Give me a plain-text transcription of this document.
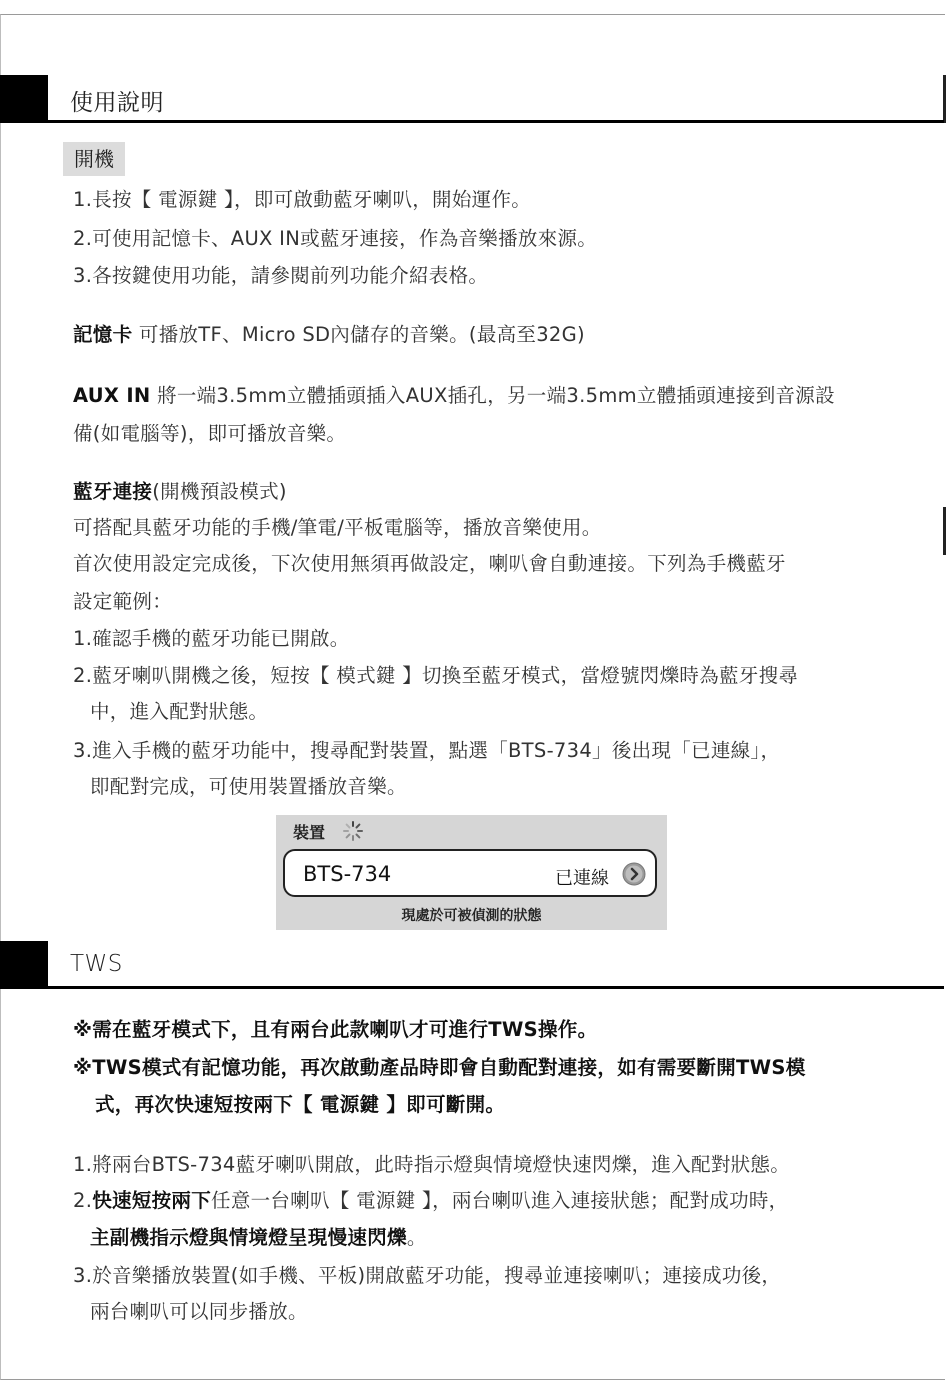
使用說明
開機
1.長按【 電源鍵 】，即可啟動藍牙喇叭，開始運作。
2.可使用記憶卡、AUX IN或藍牙連接，作為音樂播放來源。
3.各按鍵使用功能，請參閱前列功能介紹表格。
記憶卡 可播放TF、Micro SD內儲存的音樂。(最高至32G)
AUX IN 將一端3.5mm立體插頭插入AUX插孔，另一端3.5mm立體插頭連接到音源設
備(如電腦等)，即可播放音樂。
藍牙連接(開機預設模式)
可搭配具藍牙功能的手機/筆電/平板電腦等，播放音樂使用。
首次使用設定完成後，下次使用無須再做設定，喇叭會自動連接。下列為手機藍牙
設定範例：
1.確認手機的藍牙功能已開啟。
2.藍牙喇叭開機之後，短按【 模式鍵 】切換至藍牙模式，當燈號閃爍時為藍牙搜尋
中，進入配對狀態。
3.進入手機的藍牙功能中，搜尋配對裝置，點選「BTS-734」後出現「已連線」，
即配對完成，可使用裝置播放音樂。
裝置
BTS-734	已連線
現處於可被偵測的狀態
TWS
※需在藍牙模式下，且有兩台此款喇叭才可進行TWS操作。
※TWS模式有記憶功能，再次啟動產品時即會自動配對連接，如有需要斷開TWS模
式，再次快速短按兩下【 電源鍵 】即可斷開。
1.將兩台BTS-734藍牙喇叭開啟，此時指示燈與情境燈快速閃爍，進入配對狀態。
2.快速短按兩下任意一台喇叭【 電源鍵 】，兩台喇叭進入連接狀態；配對成功時，
主副機指示燈與情境燈呈現慢速閃爍。
3.於音樂播放裝置(如手機、平板)開啟藍牙功能，搜尋並連接喇叭；連接成功後，
兩台喇叭可以同步播放。
